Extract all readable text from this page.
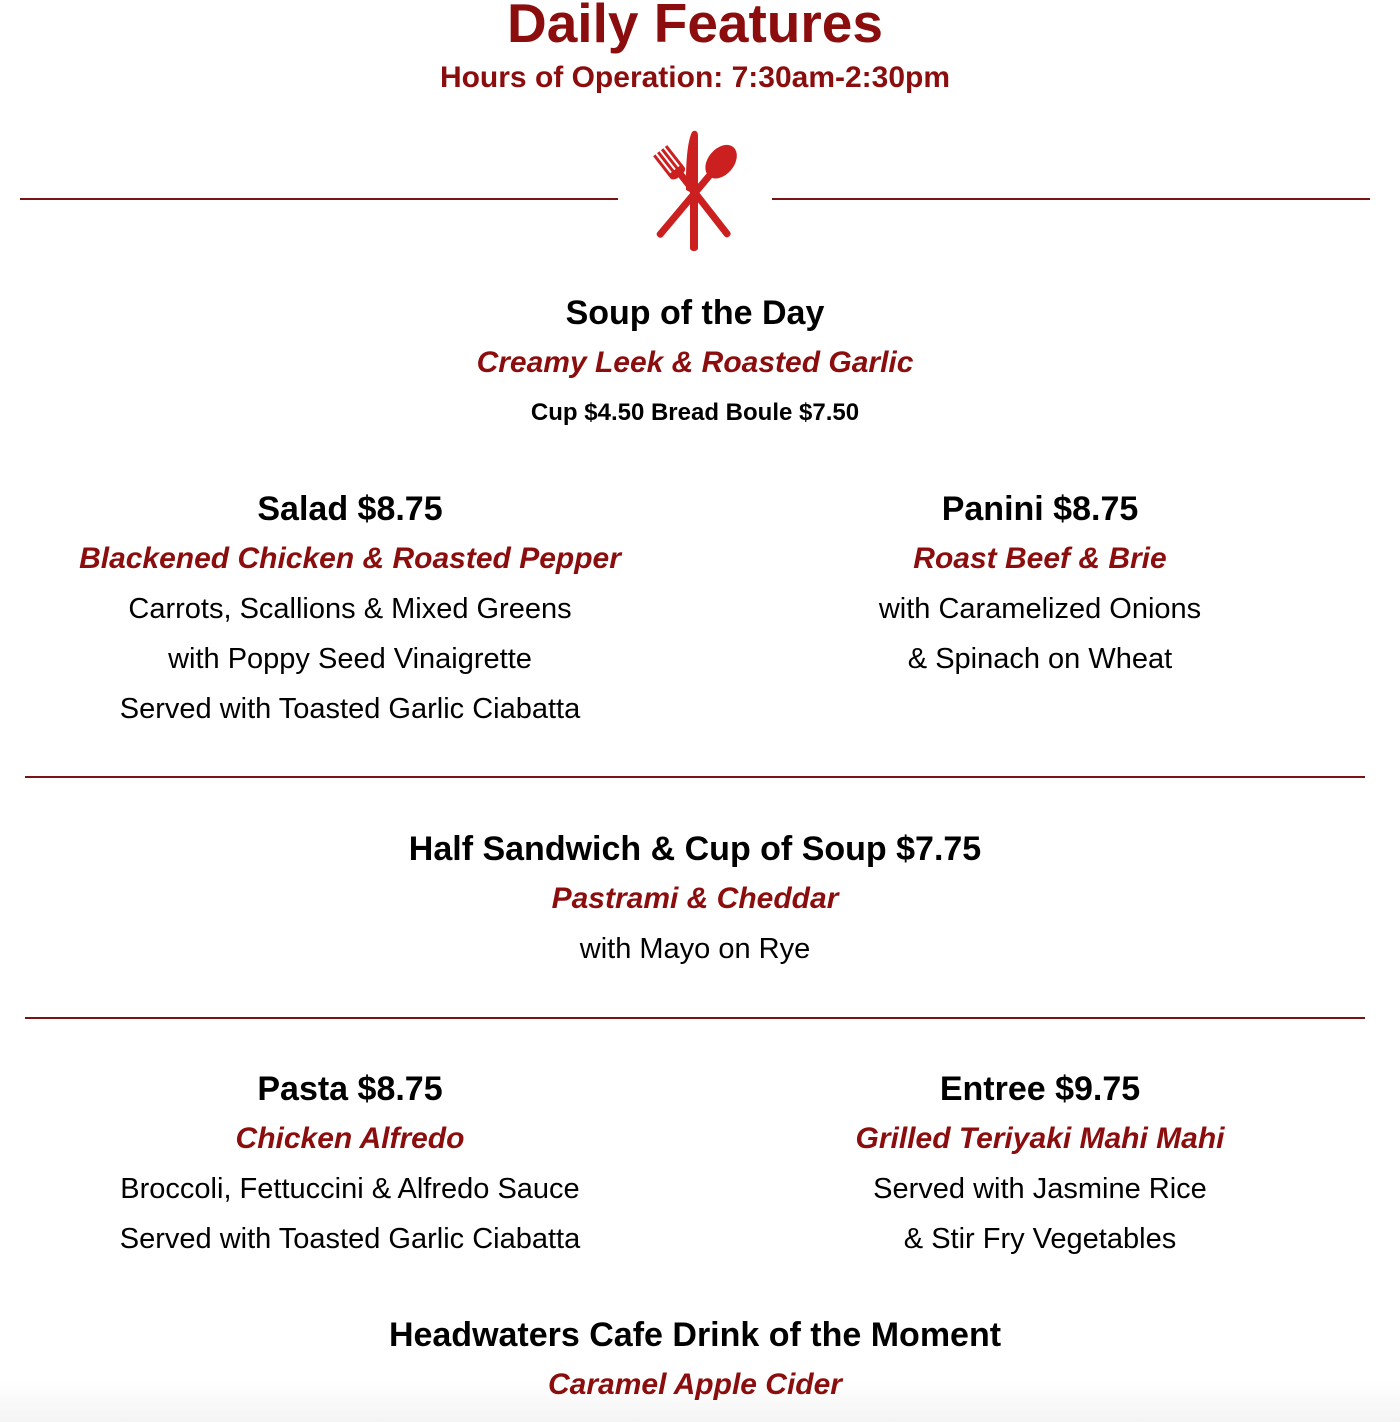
Daily Features
Hours of Operation: 7:30am-2:30pm
Soup of the Day
Creamy Leek & Roasted Garlic
Cup $4.50 Bread Boule $7.50
Salad $8.75
Blackened Chicken & Roasted Pepper
Carrots, Scallions & Mixed Greens
with Poppy Seed Vinaigrette
Served with Toasted Garlic Ciabatta
Panini $8.75
Roast Beef & Brie
with Caramelized Onions
& Spinach on Wheat
Half Sandwich & Cup of Soup $7.75
Pastrami & Cheddar
with Mayo on Rye
Pasta $8.75
Chicken Alfredo
Broccoli, Fettuccini & Alfredo Sauce
Served with Toasted Garlic Ciabatta
Entree $9.75
Grilled Teriyaki Mahi Mahi
Served with Jasmine Rice
& Stir Fry Vegetables
Headwaters Cafe Drink of the Moment
Caramel Apple Cider
